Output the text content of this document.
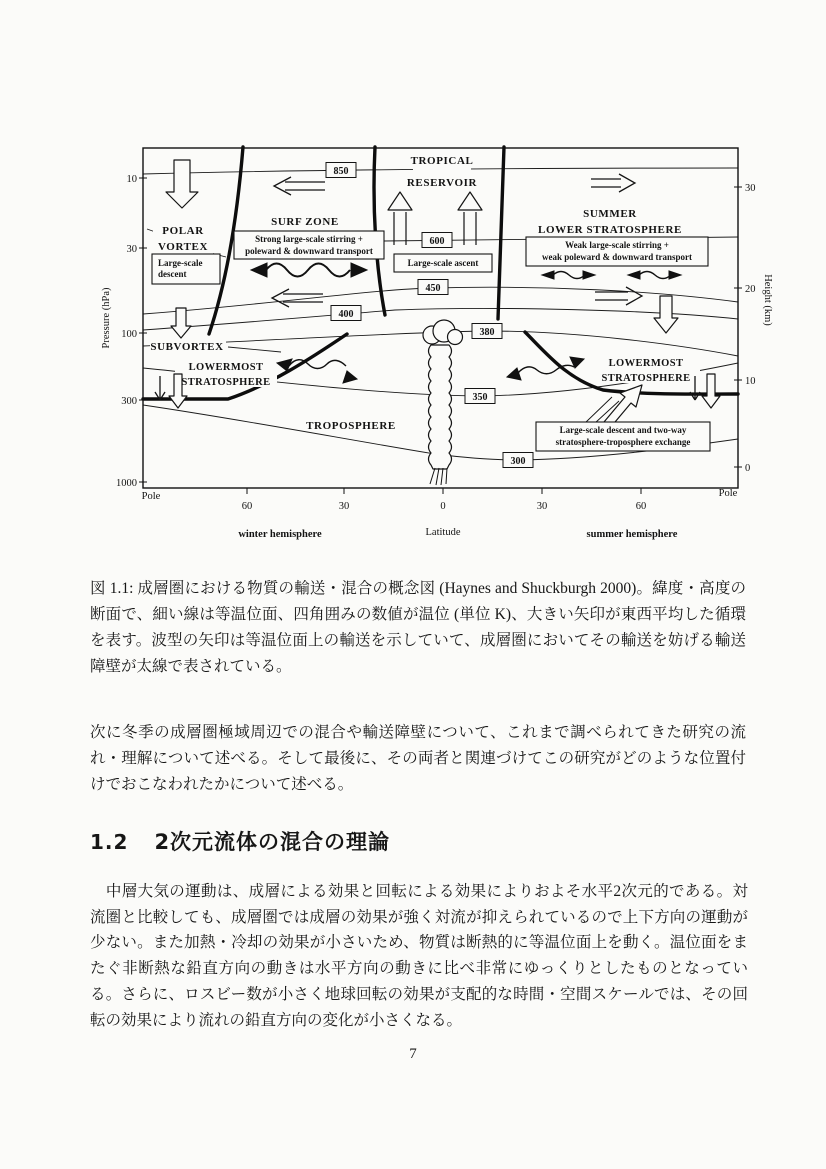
Large-scale
descent
Strong large-scale stirring +
poleward & downward transport
Large-scale ascent
Weak large-scale stirring +
weak poleward & downward transport
Large-scale descent and two-way
stratosphere-troposphere exchange
850
600
450
400
380
350
300
POLAR
VORTEX
SURF ZONE
TROPICAL
RESERVOIR
SUMMER
LOWER STRATOSPHERE
SUBVORTEX
TROPOSPHERE
LOWERMOST
STRATOSPHERE
LOWERMOST
STRATOSPHERE
10
30
100
300
1000
30
20
10
0
Pole
60	30	0	30	60
Pole
winter hemisphere	Latitude	summer hemisphere
Pressure (hPa)	Height (km)
図 1.1: 成層圏における物質の輸送・混合の概念図 (Haynes and Shuckburgh 2000)。緯度・高度の断面で、細い線は等温位面、四角囲みの数値が温位 (単位 K)、大きい矢印が東西平均した循環を表す。波型の矢印は等温位面上の輸送を示していて、成層圏においてその輸送を妨げる輸送障壁が太線で表されている。
次に冬季の成層圏極域周辺での混合や輸送障壁について、これまで調べられてきた研究の流れ・理解について述べる。そして最後に、その両者と関連づけてこの研究がどのような位置付けでおこなわれたかについて述べる。
1.2 2次元流体の混合の理論
　中層大気の運動は、成層による効果と回転による効果によりおよそ水平2次元的である。対流圏と比較しても、成層圏では成層の効果が強く対流が抑えられているので上下方向の運動が少ない。また加熱・冷却の効果が小さいため、物質は断熱的に等温位面上を動く。温位面をまたぐ非断熱な鉛直方向の動きは水平方向の動きに比べ非常にゆっくりとしたものとなっている。さらに、ロスビー数が小さく地球回転の効果が支配的な時間・空間スケールでは、その回転の効果により流れの鉛直方向の変化が小さくなる。
7
